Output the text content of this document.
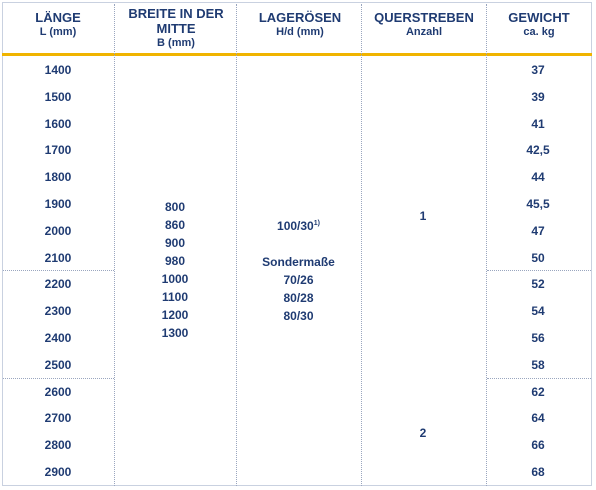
LÄNGE
L (mm)
BREITE IN DER MITTE
B (mm)
LAGERÖSEN
H/d (mm)
QUERSTREBEN
Anzahl
GEWICHT
ca. kg
1400
1500
1600
1700
1800
1900
2000
2100
2200
2300
2400
2500
2600
2700
2800
2900
37
39
41
42,5
44
45,5
47
50
52
54
56
58
62
64
66
68
800
860
900
980
1000
1100
1200
1300
100/30$^{1)}$
Sondermaße
70/26
80/28
80/30
1
2
